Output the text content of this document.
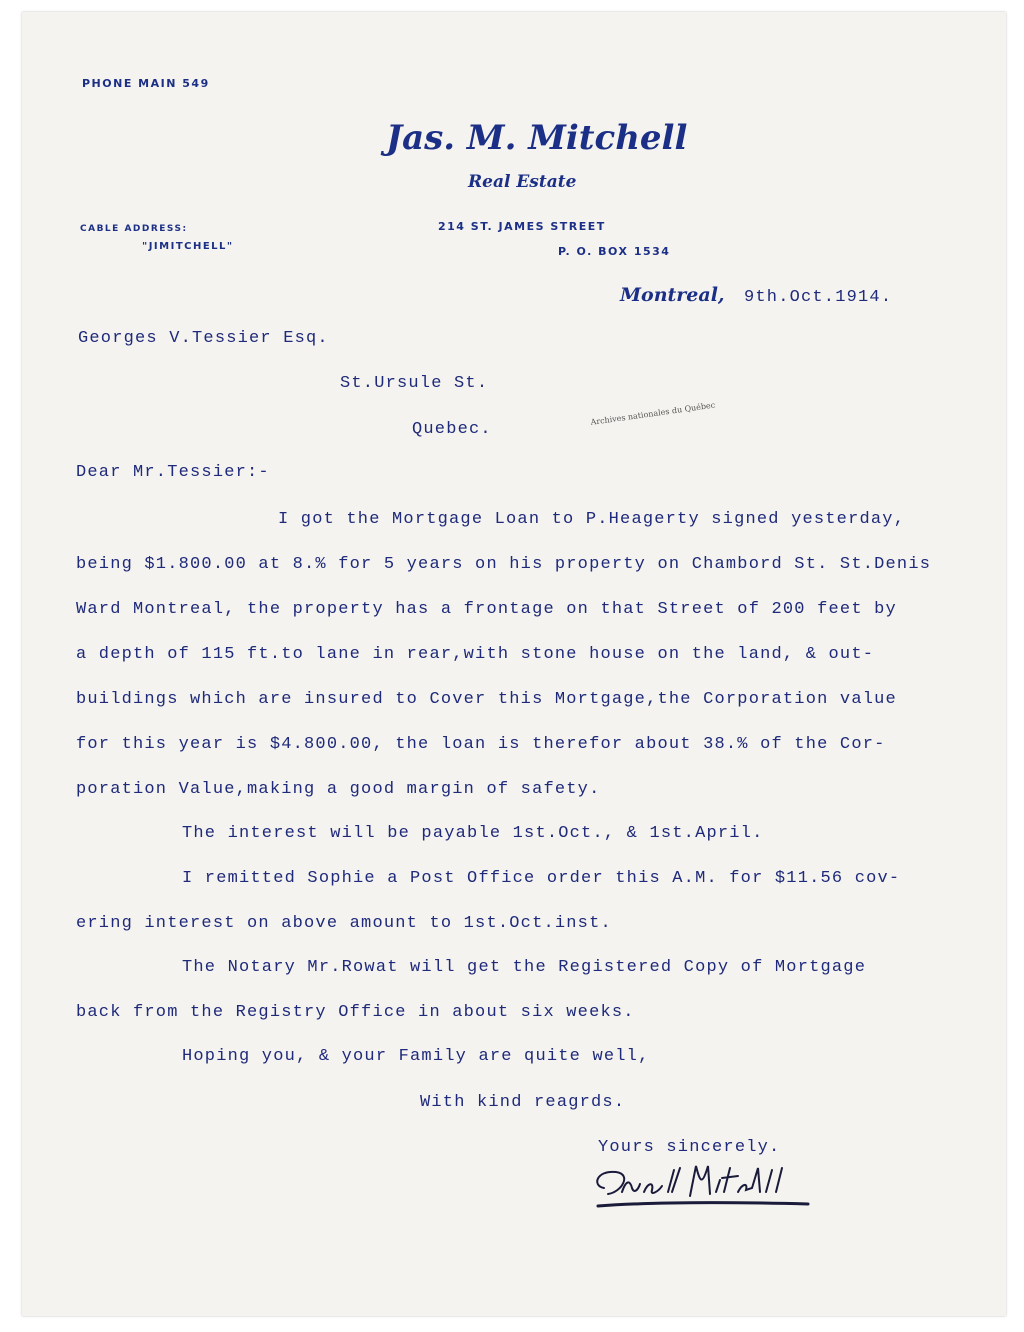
PHONE MAIN 549
Jas. M. Mitchell
Real Estate
CABLE ADDRESS:
"JIMITCHELL"
214 ST. JAMES STREET
P. O. BOX 1534
Montreal, 9th.Oct.1914.
Georges V.Tessier Esq.
St.Ursule St.
Quebec.
Archives nationales du Québec
Dear Mr.Tessier:-
I got the Mortgage Loan to P.Heagerty signed yesterday,
being $1.800.00 at 8.% for 5 years on his property on Chambord St. St.Denis
Ward Montreal, the property has a frontage on that Street of 200 feet by
a depth of 115 ft.to lane in rear,with stone house on the land, & out-
buildings which are insured to Cover this Mortgage,the Corporation value
for this year is $4.800.00, the loan is therefor about 38.% of the Cor-
poration Value,making a good margin of safety.
The interest will be payable 1st.Oct., & 1st.April.
I remitted Sophie a Post Office order this A.M. for $11.56 cov-
ering interest on above amount to 1st.Oct.inst.
The Notary Mr.Rowat will get the Registered Copy of Mortgage
back from the Registry Office in about six weeks.
Hoping you, & your Family are quite well,
With kind reagrds.
Yours sincerely.
